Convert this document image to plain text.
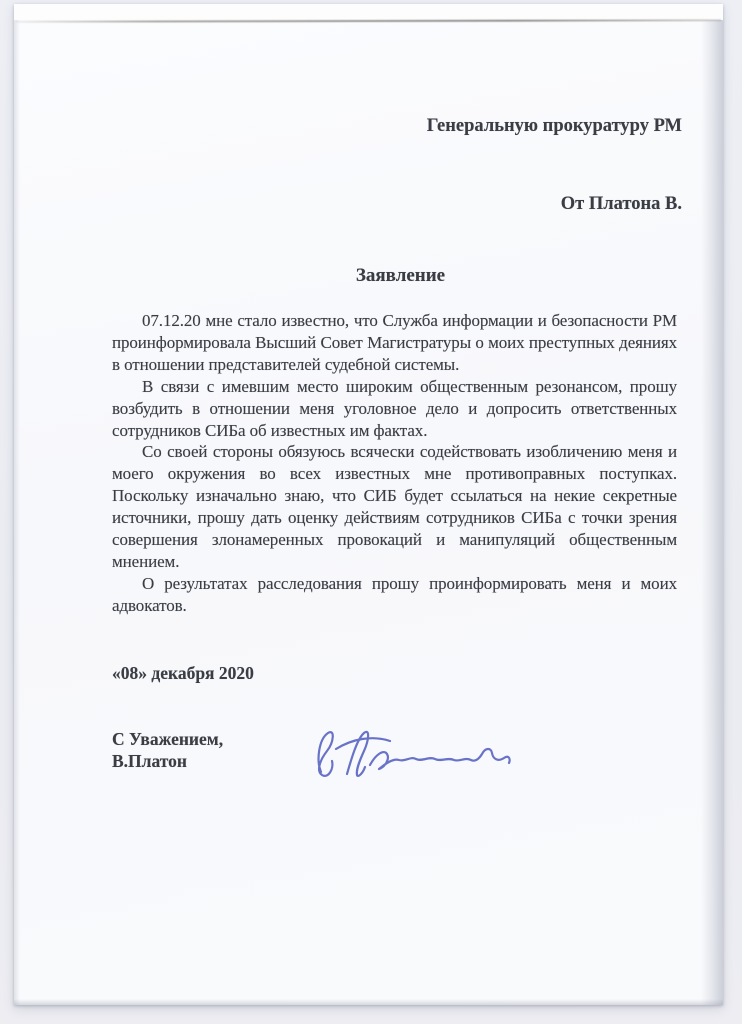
Генеральную прокуратуру РМ
От Платона В.
Заявление

07.12.20 мне стало известно, что Служба информации и безопасности РМ проинформировала Высший Совет Магистратуры о моих преступных деяниях в отношении представителей судебной системы.

В связи с имевшим место широким общественным резонансом, прошу возбудить в отношении меня уголовное дело и допросить ответственных сотрудников СИБа об известных им фактах.

Со своей стороны обязуюсь всячески содействовать изобличению меня и моего окружения во всех известных мне противоправных поступках. Поскольку изначально знаю, что СИБ будет ссылаться на некие секретные источники, прошу дать оценку действиям сотрудников СИБа с точки зрения совершения злонамеренных провокаций и манипуляций общественным мнением.

О результатах расследования прошу проинформировать меня и моих адвокатов.

«08» декабря 2020
С Уважением,
В.Платон
